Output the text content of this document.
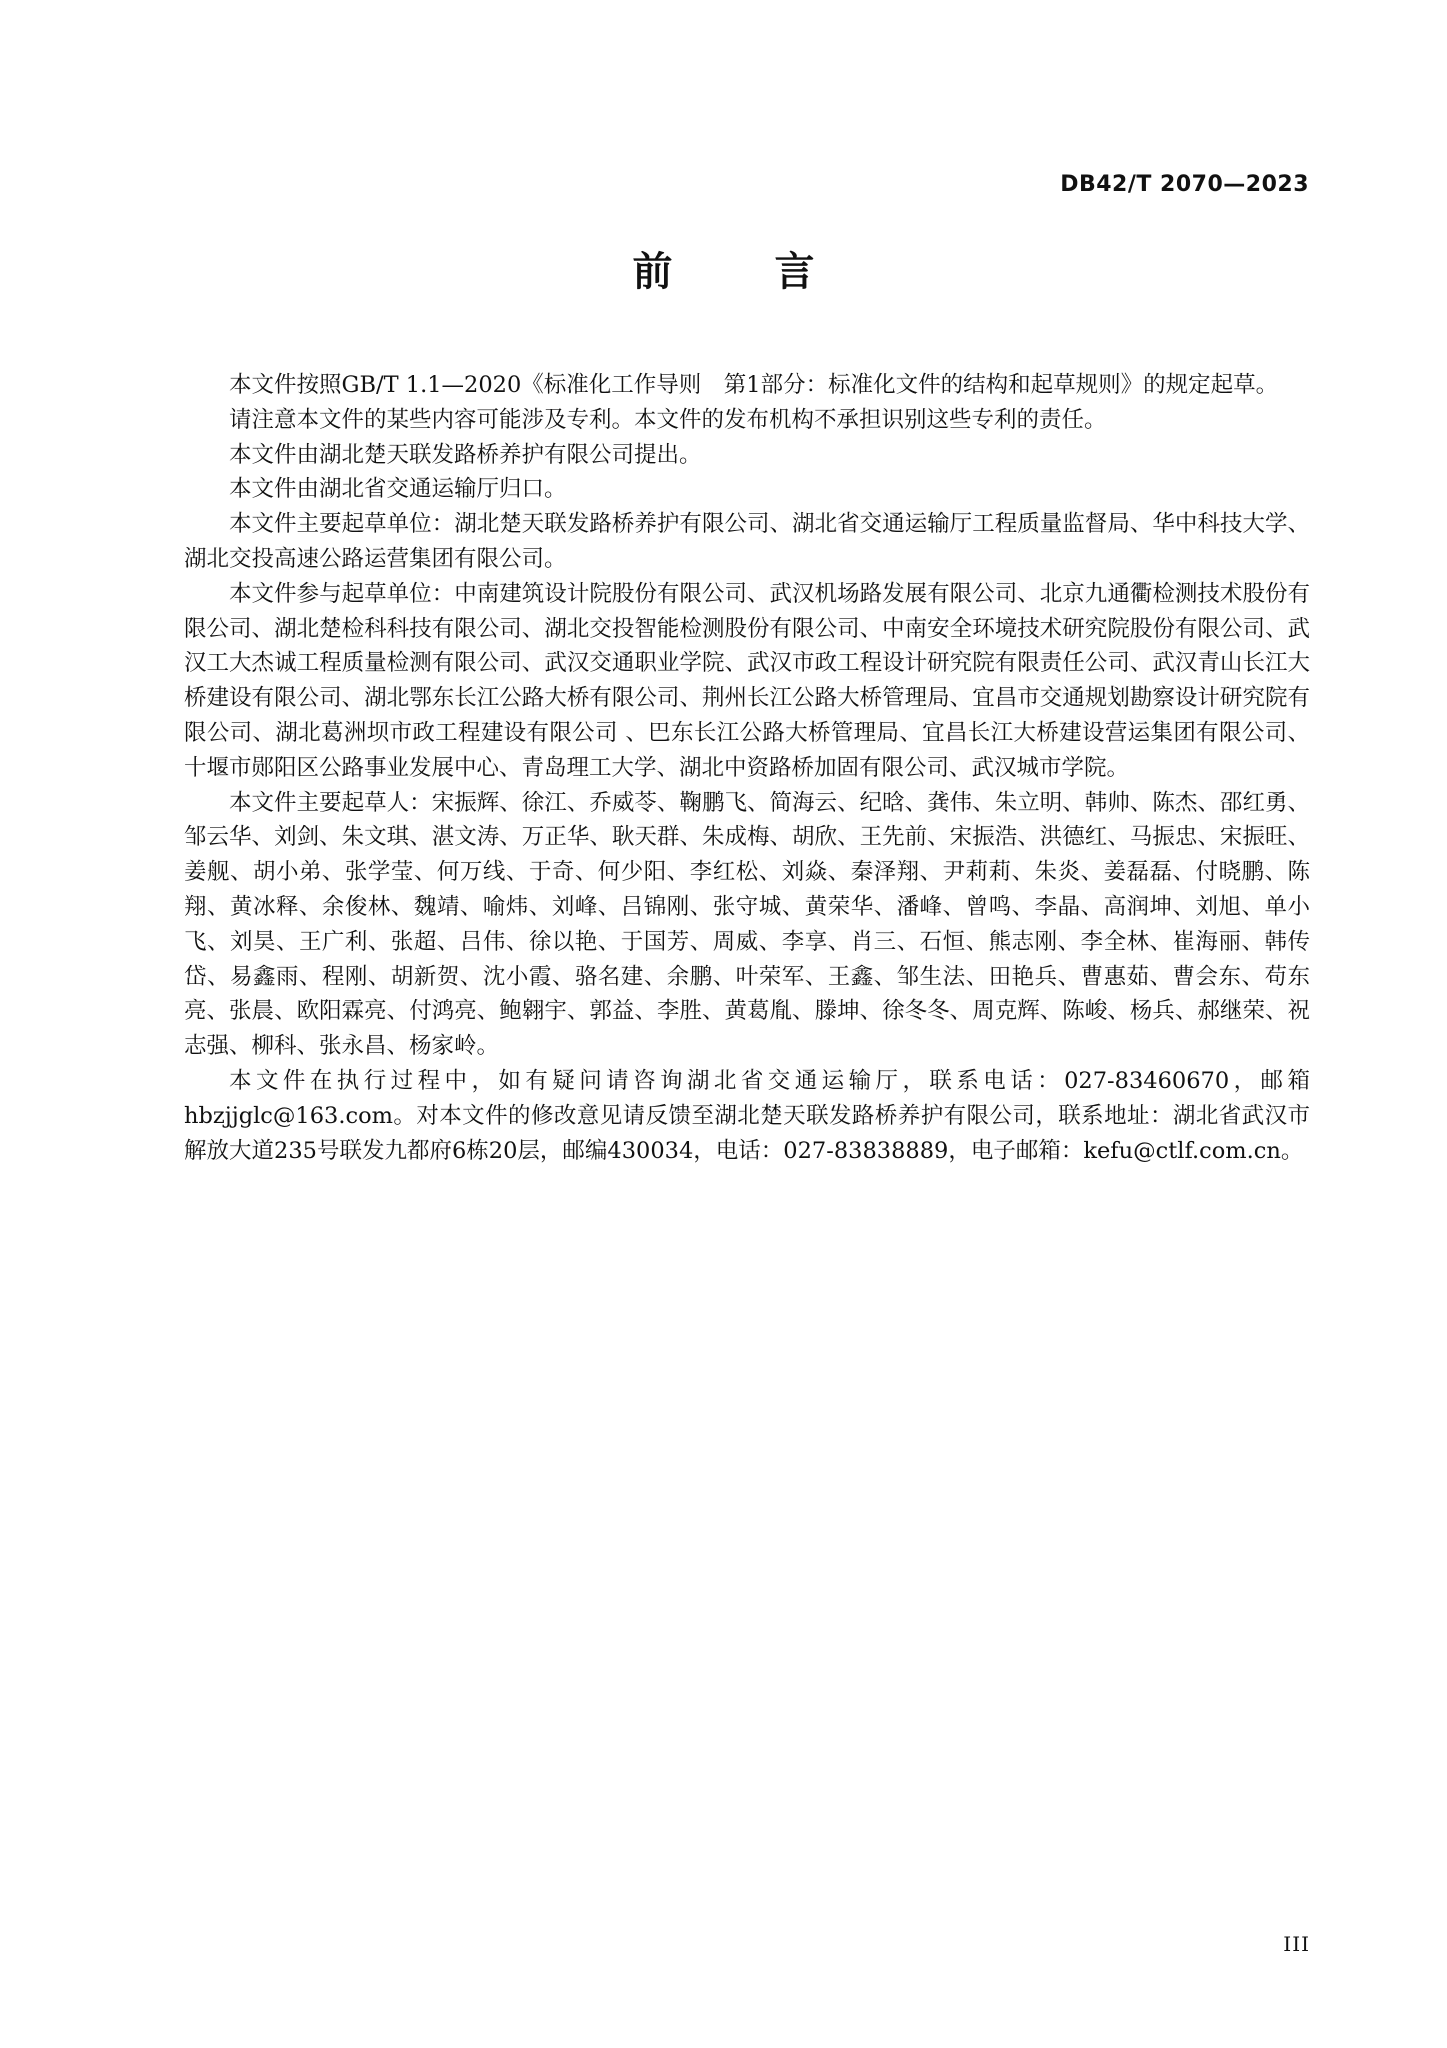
DB42/T 2070—2023
前 言

本文件按照GB/T 1.1—2020《标准化工作导则　第1部分：标准化文件的结构和起草规则》的规定起草。

请注意本文件的某些内容可能涉及专利。本文件的发布机构不承担识别这些专利的责任。

本文件由湖北楚天联发路桥养护有限公司提出。

本文件由湖北省交通运输厅归口。

本文件主要起草单位：湖北楚天联发路桥养护有限公司、湖北省交通运输厅工程质量监督局、华中科技大学、湖北交投高速公路运营集团有限公司。

本文件参与起草单位：中南建筑设计院股份有限公司、武汉机场路发展有限公司、北京九通衢检测技术股份有限公司、湖北楚检科科技有限公司、湖北交投智能检测股份有限公司、中南安全环境技术研究院股份有限公司、武汉工大杰诚工程质量检测有限公司、武汉交通职业学院、武汉市政工程设计研究院有限责任公司、武汉青山长江大桥建设有限公司、湖北鄂东长江公路大桥有限公司、荆州长江公路大桥管理局、宜昌市交通规划勘察设计研究院有限公司、湖北葛洲坝市政工程建设有限公司 、巴东长江公路大桥管理局、宜昌长江大桥建设营运集团有限公司、十堰市郧阳区公路事业发展中心、青岛理工大学、湖北中资路桥加固有限公司、武汉城市学院。

本文件主要起草人：宋振辉、徐江、乔威苓、鞠鹏飞、简海云、纪晗、龚伟、朱立明、韩帅、陈杰、邵红勇、邹云华、刘剑、朱文琪、湛文涛、万正华、耿天群、朱成梅、胡欣、王先前、宋振浩、洪德红、马振忠、宋振旺、姜舰、胡小弟、张学莹、何万线、于奇、何少阳、李红松、刘焱、秦泽翔、尹莉莉、朱炎、姜磊磊、付晓鹏、陈翔、黄冰释、余俊林、魏靖、喻炜、刘峰、吕锦刚、张守城、黄荣华、潘峰、曾鸣、李晶、高润坤、刘旭、单小飞、刘昊、王广利、张超、吕伟、徐以艳、于国芳、周威、李享、肖三、石恒、熊志刚、李全林、崔海丽、韩传岱、易鑫雨、程刚、胡新贺、沈小霞、骆名建、余鹏、叶荣军、王鑫、邹生法、田艳兵、曹惠茹、曹会东、苟东亮、张晨、欧阳霖亮、付鸿亮、鲍翱宇、郭益、李胜、黄葛胤、滕坤、徐冬冬、周克辉、陈峻、杨兵、郝继荣、祝志强、柳科、张永昌、杨家岭。

本文件在执行过程中，如有疑问请咨询湖北省交通运输厅，联系电话：027-83460670，邮箱hbzjjglc@163.com。对本文件的修改意见请反馈至湖北楚天联发路桥养护有限公司，联系地址：湖北省武汉市解放大道235号联发九都府6栋20层，邮编430034，电话：027-83838889，电子邮箱：kefu@ctlf.com.cn。

III
